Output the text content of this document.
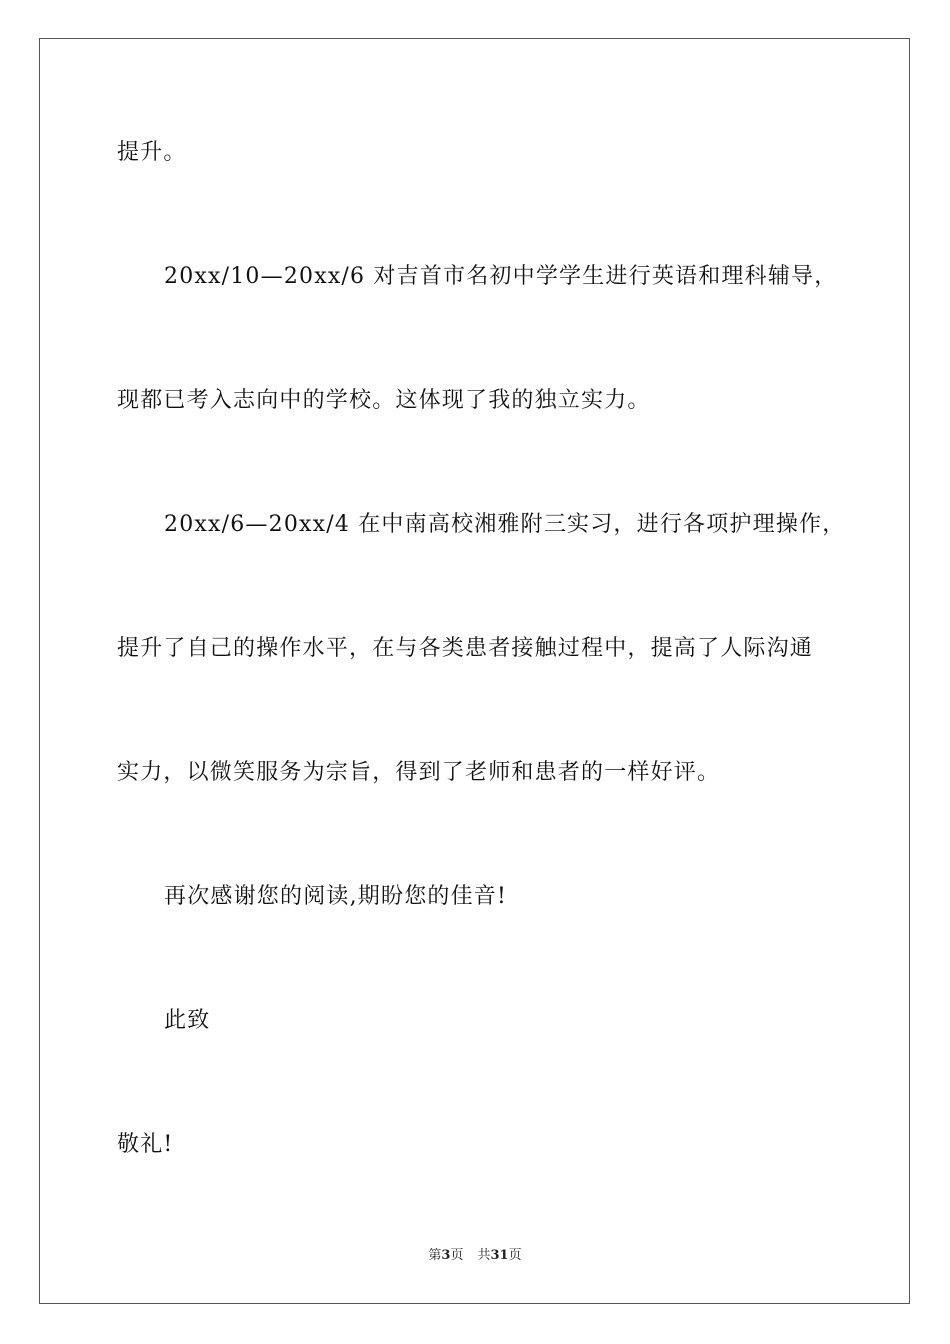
提升。
20xx/10—20xx/6 对吉首市名初中学学生进行英语和理科辅导，
现都已考入志向中的学校。这体现了我的独立实力。
20xx/6—20xx/4 在中南高校湘雅附三实习，进行各项护理操作，
提升了自己的操作水平，在与各类患者接触过程中，提高了人际沟通
实力，以微笑服务为宗旨，得到了老师和患者的一样好评。
再次感谢您的阅读,期盼您的佳音!
此致
敬礼!
第3页 共31页
